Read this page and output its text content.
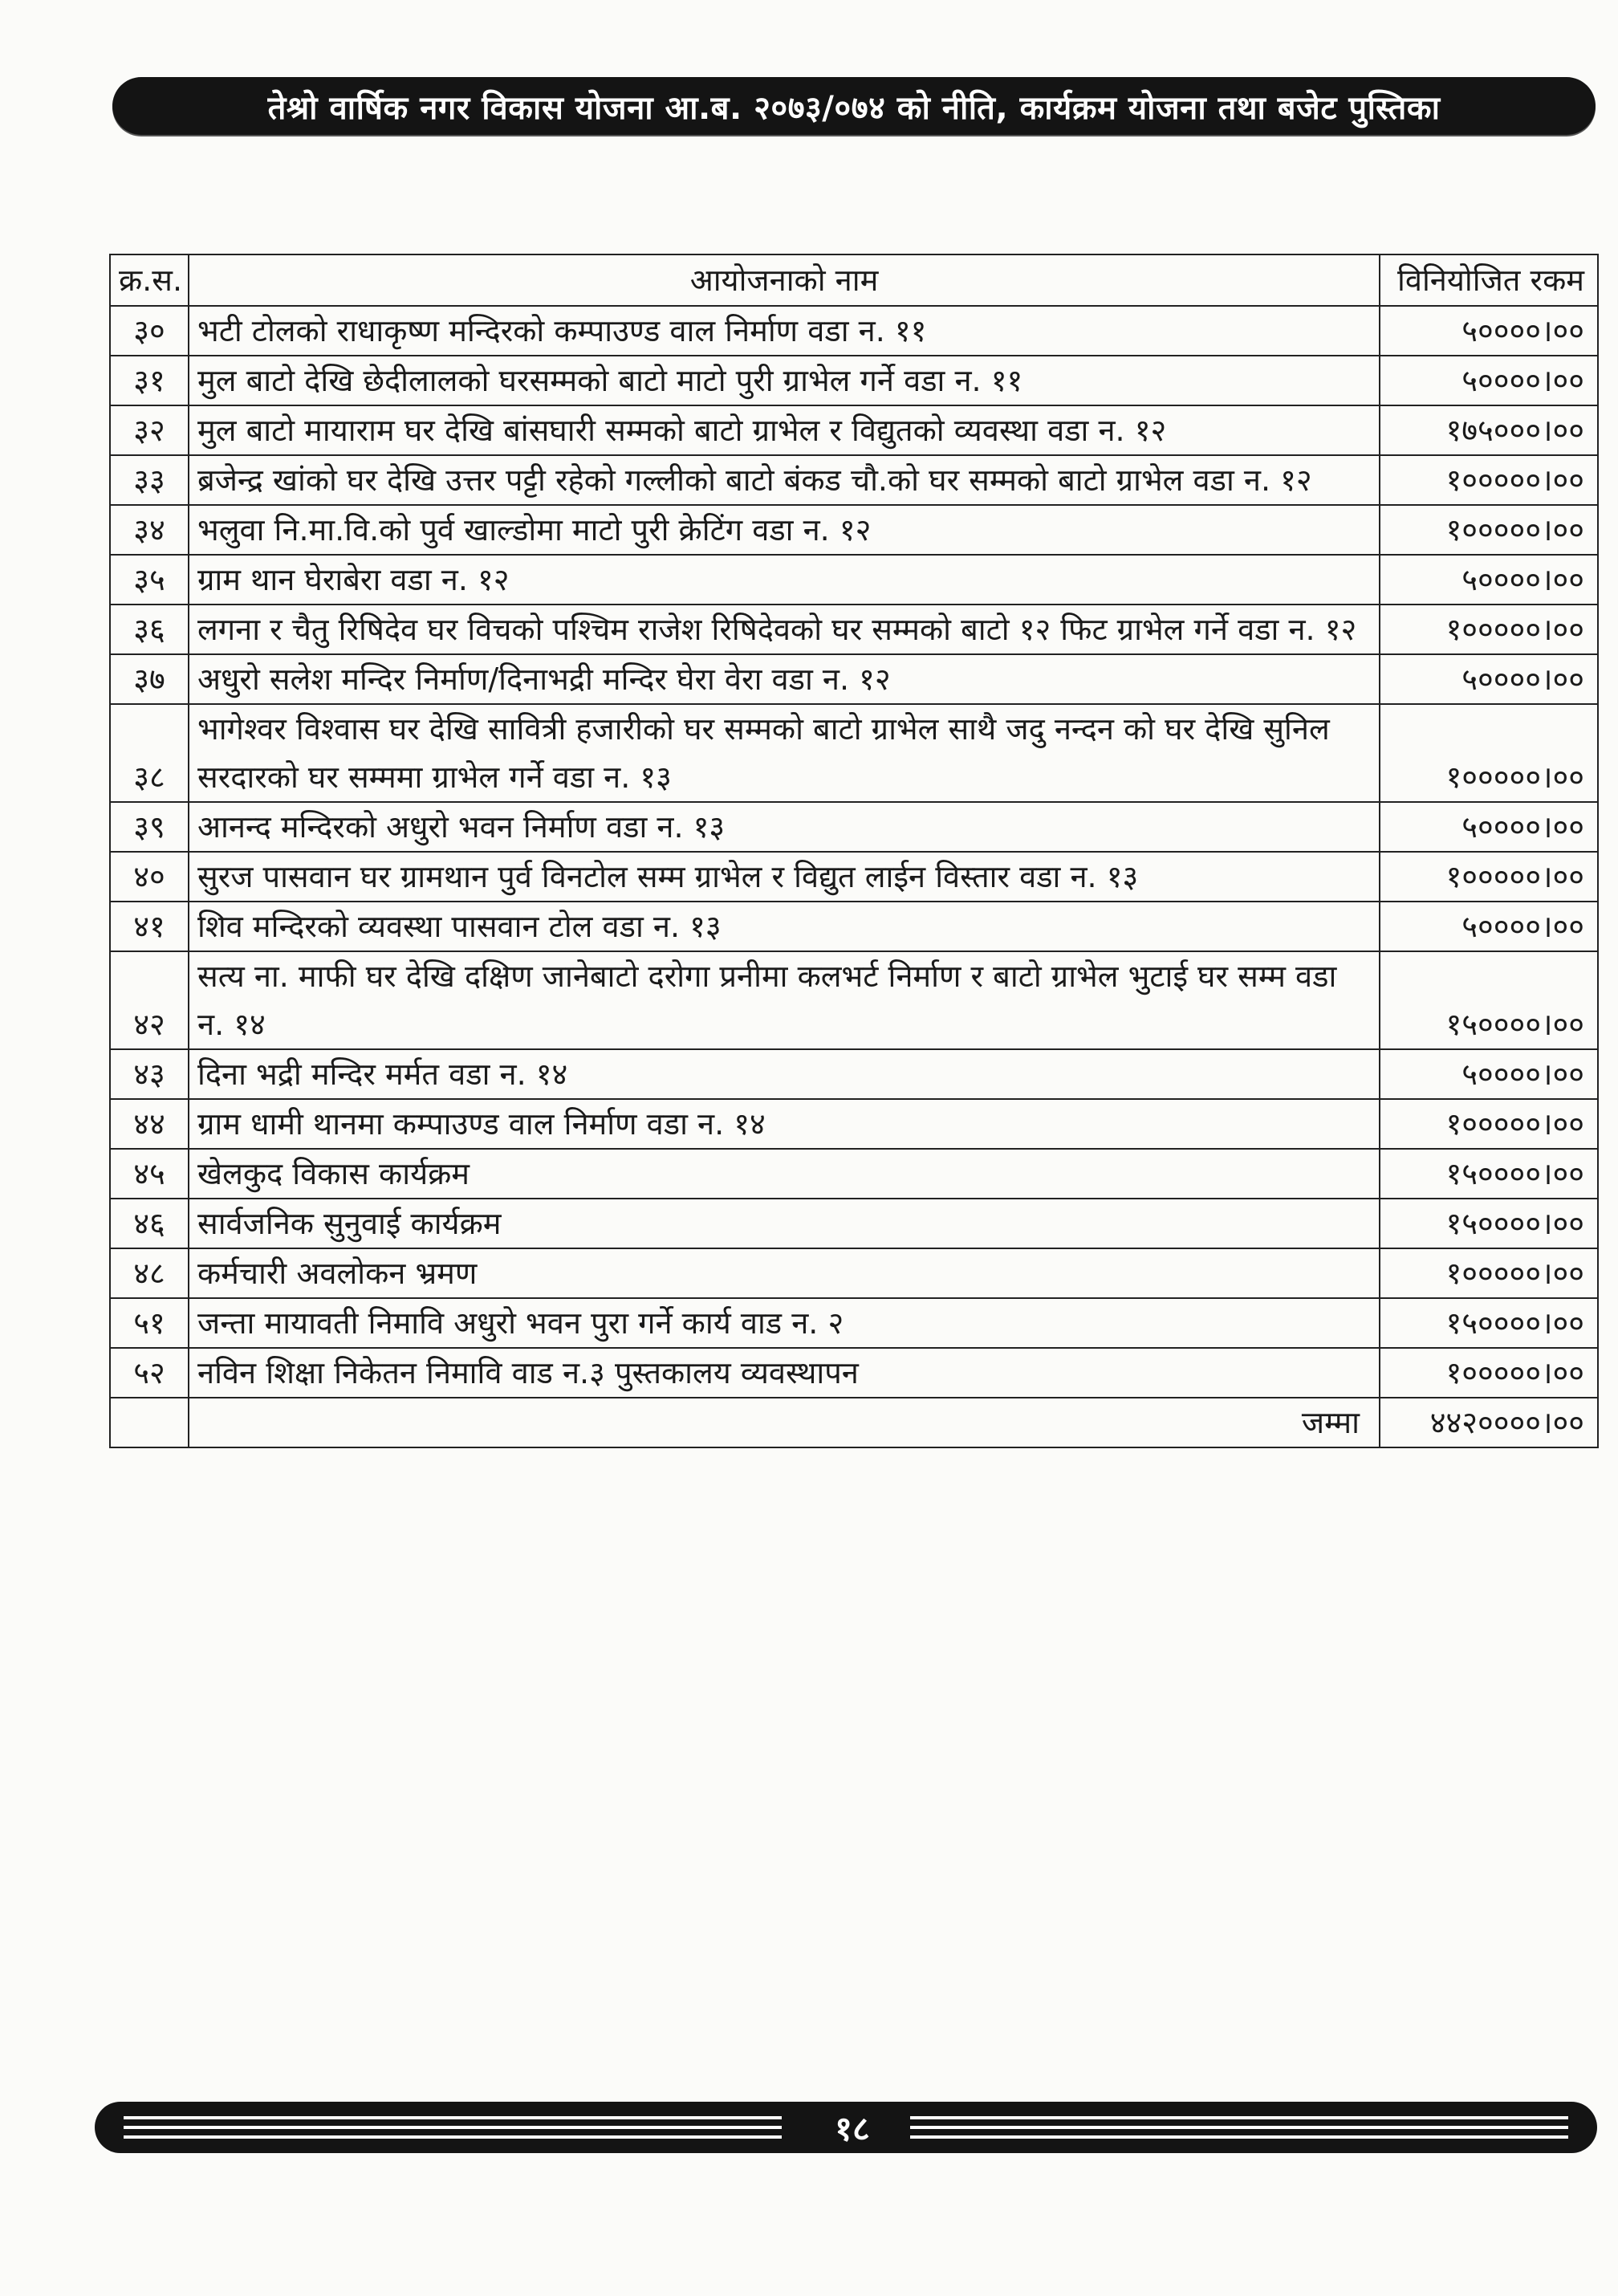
तेश्रो वार्षिक नगर विकास योजना आ.ब. २०७३/०७४ को नीति, कार्यक्रम योजना तथा बजेट पुस्तिका
क्र.स.	आयोजनाको नाम	विनियोजित रकम
३०	भटी टोलको राधाकृष्ण मन्दिरको कम्पाउण्ड वाल निर्माण वडा न. ११	५००००।००
३१	मुल बाटो देखि छेदीलालको घरसम्मको बाटो माटो पुरी ग्राभेल गर्ने वडा न. ११	५००००।००
३२	मुल बाटो मायाराम घर देखि बांसघारी सम्मको बाटो ग्राभेल र विद्युतको व्यवस्था वडा न. १२	१७५०००।००
३३	ब्रजेन्द्र खांको घर देखि उत्तर पट्टी रहेको गल्लीको बाटो बंकड चौ.को घर सम्मको बाटो ग्राभेल वडा न. १२	१०००००।००
३४	भलुवा नि.मा.वि.को पुर्व खाल्डोमा माटो पुरी क्रेटिंग वडा न. १२	१०००००।००
३५	ग्राम थान घेराबेरा वडा न. १२	५००००।००
३६	लगना र चैतु रिषिदेव घर विचको पश्चिम राजेश रिषिदेवको घर सम्मको बाटो १२ फिट ग्राभेल गर्ने वडा न. १२	१०००००।००
३७	अधुरो सलेश मन्दिर निर्माण/दिनाभद्री मन्दिर घेरा वेरा वडा न. १२	५००००।००
३८	भागेश्वर विश्वास घर देखि सावित्री हजारीको घर सम्मको बाटो ग्राभेल साथै जदु नन्दन को घर देखि सुनिल सरदारको घर सम्ममा ग्राभेल गर्ने वडा न. १३	१०००००।००
३९	आनन्द मन्दिरको अधुरो भवन निर्माण वडा न. १३	५००००।००
४०	सुरज पासवान घर ग्रामथान पुर्व विनटोल सम्म ग्राभेल र विद्युत लाईन विस्तार वडा न. १३	१०००००।००
४१	शिव मन्दिरको व्यवस्था पासवान टोल वडा न. १३	५००००।००
४२	सत्य ना. माफी घर देखि दक्षिण जानेबाटो दरोगा प्रनीमा कलभर्ट निर्माण र बाटो ग्राभेल भुटाई घर सम्म वडा न. १४	१५००००।००
४३	दिना भद्री मन्दिर मर्मत वडा न. १४	५००००।००
४४	ग्राम धामी थानमा कम्पाउण्ड वाल निर्माण वडा न. १४	१०००००।००
४५	खेलकुद विकास कार्यक्रम	१५००००।००
४६	सार्वजनिक सुनुवाई कार्यक्रम	१५००००।००
४८	कर्मचारी अवलोकन भ्रमण	१०००००।००
५१	जन्ता मायावती निमावि अधुरो भवन पुरा गर्ने कार्य वाड न. २	१५००००।००
५२	नविन शिक्षा निकेतन निमावि वाड न.३ पुस्तकालय व्यवस्थापन	१०००००।००
	जम्मा	४४२००००।००
१८
